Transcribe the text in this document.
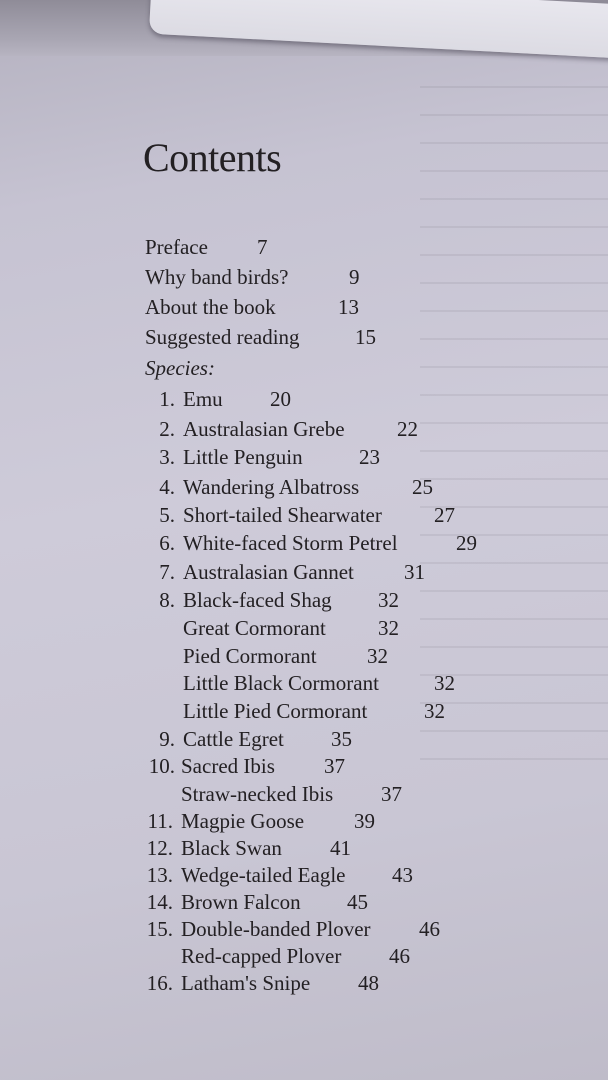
Contents
Preface 7
Why band birds?	9
About the book	13
Suggested reading	15
Species:
1. Emu 20
2. Australasian Grebe 22
3. Little Penguin	23
4. Wandering Albatross	25
5. Short-tailed Shearwater 27
6. White-faced Storm Petrel	29
7. Australasian Gannet 31
8. Black-faced Shag 32
Great Cormorant 32
Pied Cormorant 32
Little Black Cormorant	32
Little Pied Cormorant	32
9. Cattle Egret 35
10. Sacred Ibis 37
Straw-necked Ibis 37
11. Magpie Goose 39
12. Black Swan 41
13. Wedge-tailed Eagle 43
14. Brown Falcon 45
15. Double-banded Plover 46
Red-capped Plover 46
16. Latham's Snipe 48
